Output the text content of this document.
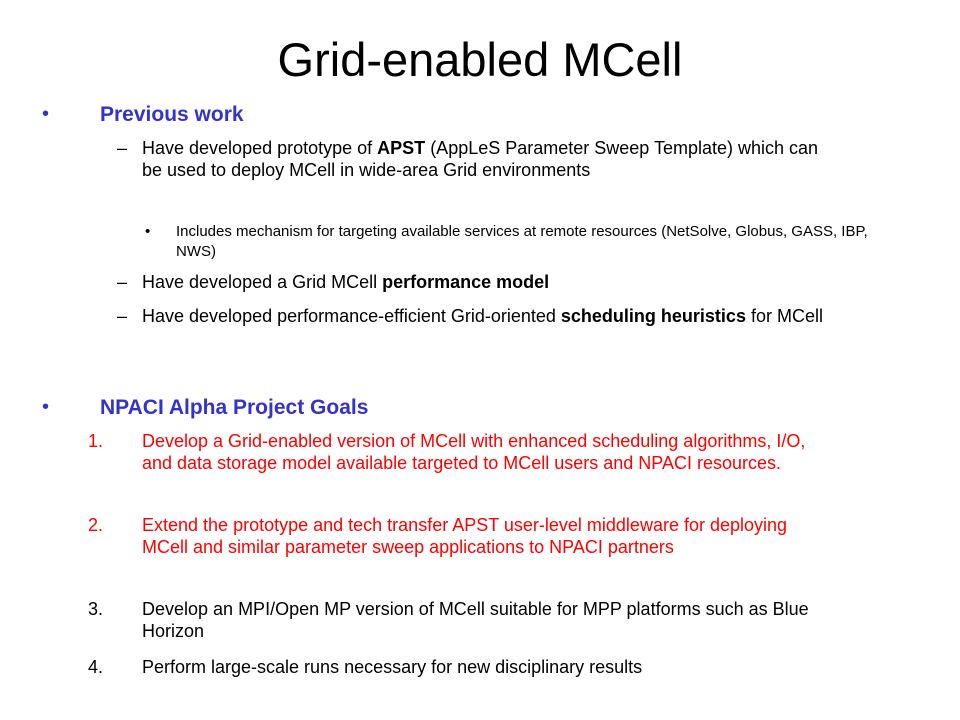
Grid-enabled MCell
• Previous work
– Have developed prototype of APST (AppLeS Parameter Sweep Template) which can be used to deploy MCell in wide-area Grid environments
• Includes mechanism for targeting available services at remote resources (NetSolve, Globus, GASS, IBP, NWS)
– Have developed a Grid MCell performance model
– Have developed performance-efficient Grid-oriented scheduling heuristics for MCell
• NPACI Alpha Project Goals
1. Develop a Grid-enabled version of MCell with enhanced scheduling algorithms, I/O, and data storage model available targeted to MCell users and NPACI resources.
2. Extend the prototype and tech transfer APST user-level middleware for deploying MCell and similar parameter sweep applications to NPACI partners
3. Develop an MPI/Open MP version of MCell suitable for MPP platforms such as Blue Horizon
4. Perform large-scale runs necessary for new disciplinary results
